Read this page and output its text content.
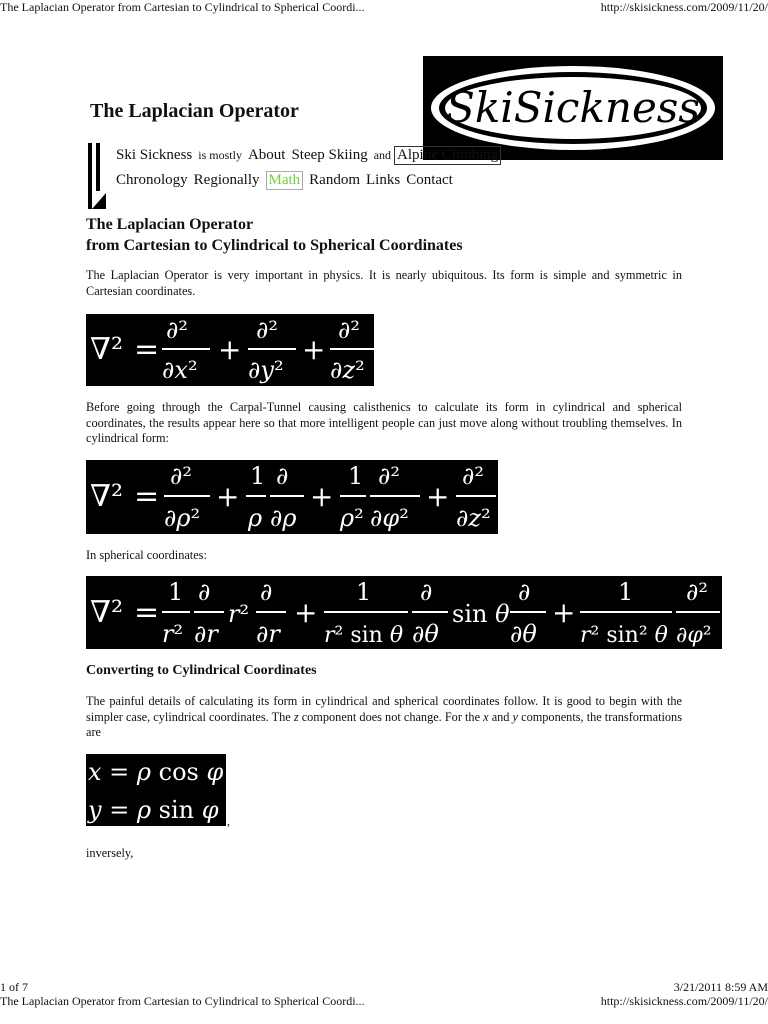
The Laplacian Operator from Cartesian to Cylindrical to Spherical Coordi...	http://skisickness.com/2009/11/20/
The Laplacian Operator	SkiSickness
Ski Sickness is mostly About Steep Skiing and Alpine Climbing
Chronology Regionally Math Random Links Contact
The Laplacian Operator
from Cartesian to Cylindrical to Spherical Coordinates

The Laplacian Operator is very important in physics. It is nearly ubiquitous. Its form is simple and symmetric in Cartesian coordinates.

∇² =
∂²
∂x²
+
∂²
∂y²
+
∂²
∂z²

Before going through the Carpal-Tunnel causing calisthenics to calculate its form in cylindrical and spherical coordinates, the results appear here so that more intelligent people can just move along without troubling themselves. In cylindrical form:

∇² =
∂²
∂ρ²
+
1
ρ
∂
∂ρ
+
1
ρ²
∂²
∂φ²
+
∂²
∂z²

In spherical coordinates:

∇² =
1
r²
∂
∂r
r²
∂
∂r
+
1
r² sin θ
∂
∂θ
sin θ
∂
∂θ
+
1
r² sin² θ
∂²
∂φ²
Converting to Cylindrical Coordinates

The painful details of calculating its form in cylindrical and spherical coordinates follow. It is good to begin with the simpler case, cylindrical coordinates. The z component does not change. For the x and y components, the transformations are

x = ρ cos φ
y = ρ sin φ ,

inversely,

1 of 7	3/21/2011 8:59 AM
The Laplacian Operator from Cartesian to Cylindrical to Spherical Coordi...	http://skisickness.com/2009/11/20/
